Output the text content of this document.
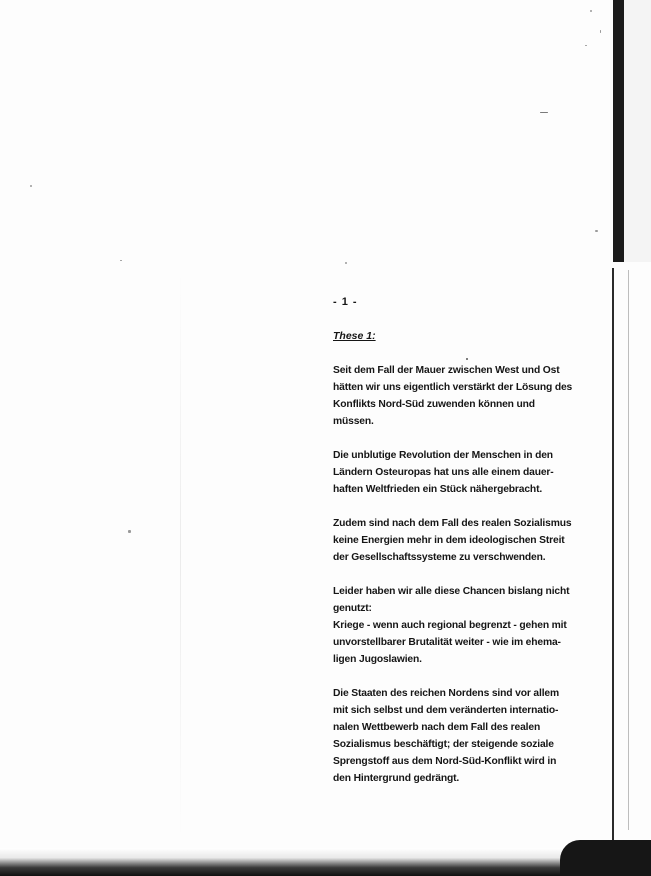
- 1 -
These 1:
Seit dem Fall der Mauer zwischen West und Ost
hätten wir uns eigentlich verstärkt der Lösung des
Konflikts Nord-Süd zuwenden können und
müssen.
Die unblutige Revolution der Menschen in den
Ländern Osteuropas hat uns alle einem dauer-
haften Weltfrieden ein Stück nähergebracht.
Zudem sind nach dem Fall des realen Sozialismus
keine Energien mehr in dem ideologischen Streit
der Gesellschaftssysteme zu verschwenden.
Leider haben wir alle diese Chancen bislang nicht
genutzt:
Kriege - wenn auch regional begrenzt - gehen mit
unvorstellbarer Brutalität weiter - wie im ehema-
ligen Jugoslawien.
Die Staaten des reichen Nordens sind vor allem
mit sich selbst und dem veränderten internatio-
nalen Wettbewerb nach dem Fall des realen
Sozialismus beschäftigt; der steigende soziale
Sprengstoff aus dem Nord-Süd-Konflikt wird in
den Hintergrund gedrängt.
